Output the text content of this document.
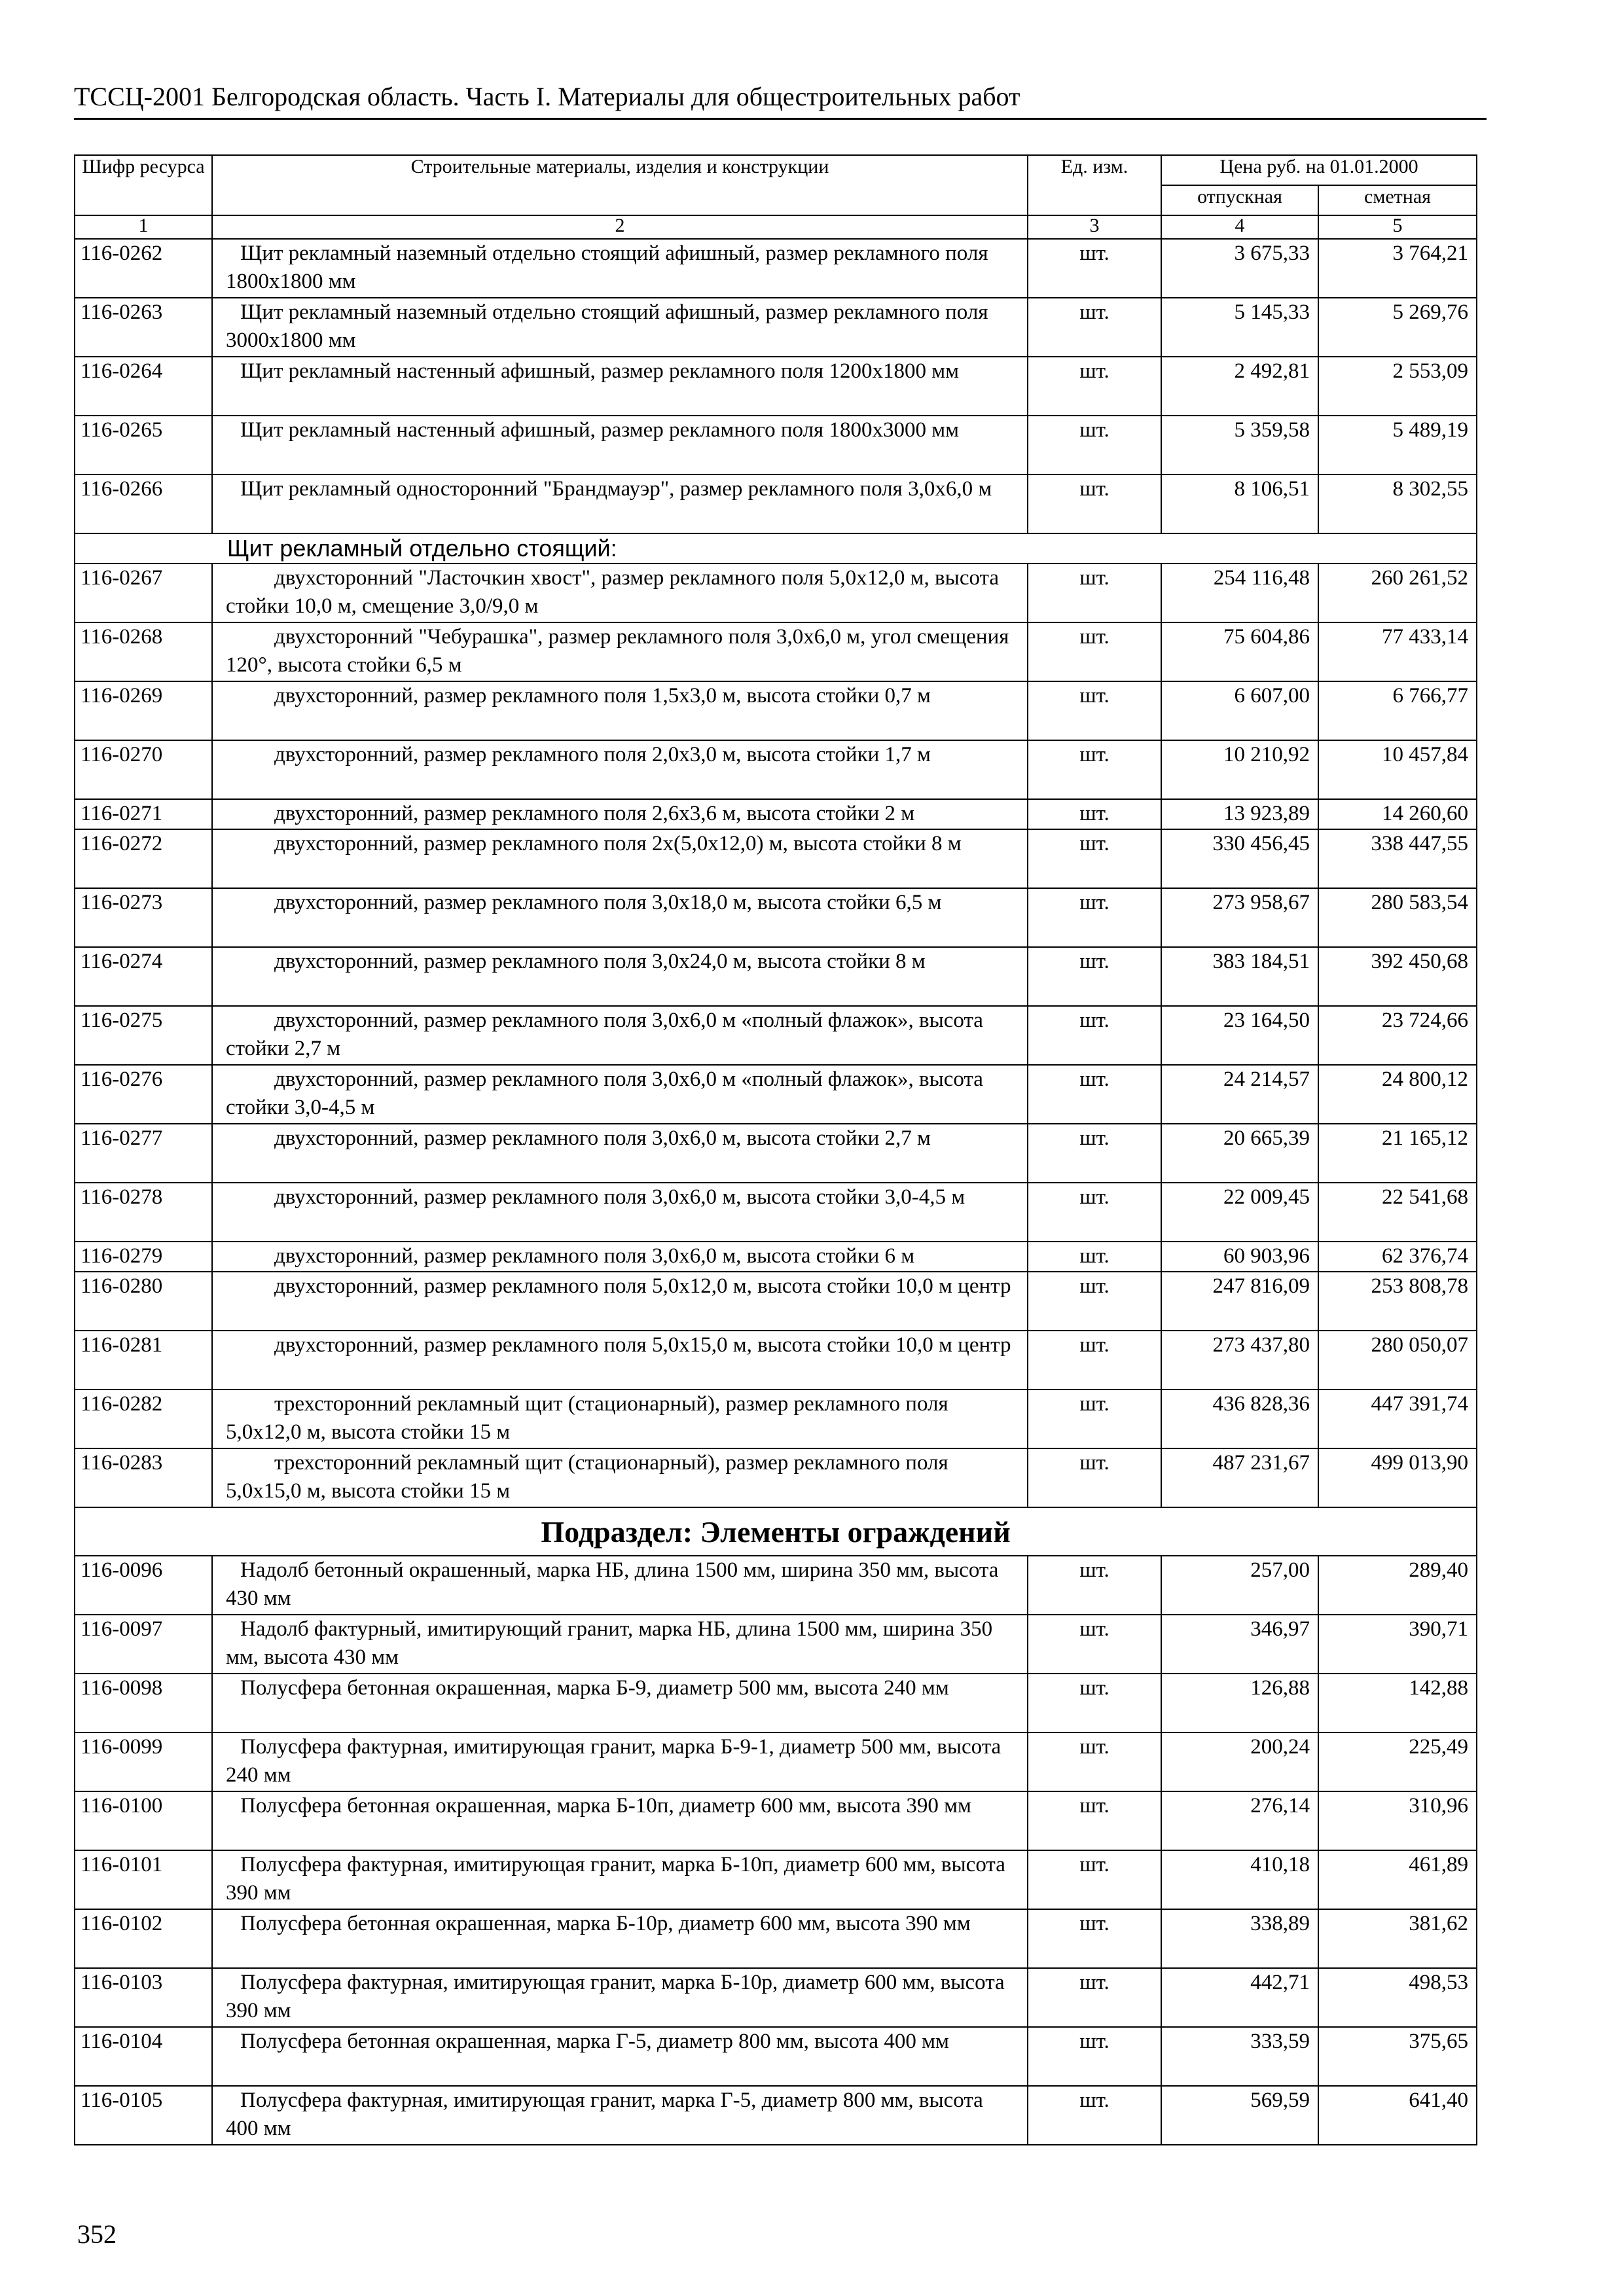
ТССЦ-2001 Белгородская область. Часть I. Материалы для общестроительных работ
Шифр ресурса	Строительные материалы, изделия и конструкции	Ед. изм.	Цена руб. на 01.01.2000	
			отпускная	сметная
1	2	3	4	5
116-0262	Щит рекламный наземный отдельно стоящий афишный, размер рекламного поля 1800х1800 мм	шт.	3 675,33	3 764,21
116-0263	Щит рекламный наземный отдельно стоящий афишный, размер рекламного поля 3000х1800 мм	шт.	5 145,33	5 269,76
116-0264	Щит рекламный настенный афишный, размер рекламного поля 1200х1800 мм	шт.	2 492,81	2 553,09
116-0265	Щит рекламный настенный афишный, размер рекламного поля 1800х3000 мм	шт.	5 359,58	5 489,19
116-0266	Щит рекламный односторонний "Брандмауэр", размер рекламного поля 3,0х6,0 м	шт.	8 106,51	8 302,55
Щит рекламный отдельно стоящий:				
116-0267	двухсторонний "Ласточкин хвост", размер рекламного поля 5,0х12,0 м, высота стойки 10,0 м, смещение 3,0/9,0 м	шт.	254 116,48	260 261,52
116-0268	двухсторонний "Чебурашка", размер рекламного поля 3,0х6,0 м, угол смещения 120°, высота стойки 6,5 м	шт.	75 604,86	77 433,14
116-0269	двухсторонний, размер рекламного поля 1,5х3,0 м, высота стойки 0,7 м	шт.	6 607,00	6 766,77
116-0270	двухсторонний, размер рекламного поля 2,0х3,0 м, высота стойки 1,7 м	шт.	10 210,92	10 457,84
116-0271	двухсторонний, размер рекламного поля 2,6х3,6 м, высота стойки 2 м	шт.	13 923,89	14 260,60
116-0272	двухсторонний, размер рекламного поля 2х(5,0х12,0) м, высота стойки 8 м	шт.	330 456,45	338 447,55
116-0273	двухсторонний, размер рекламного поля 3,0х18,0 м, высота стойки 6,5 м	шт.	273 958,67	280 583,54
116-0274	двухсторонний, размер рекламного поля 3,0х24,0 м, высота стойки 8 м	шт.	383 184,51	392 450,68
116-0275	двухсторонний, размер рекламного поля 3,0х6,0 м «полный флажок», высота стойки 2,7 м	шт.	23 164,50	23 724,66
116-0276	двухсторонний, размер рекламного поля 3,0х6,0 м «полный флажок», высота стойки 3,0-4,5 м	шт.	24 214,57	24 800,12
116-0277	двухсторонний, размер рекламного поля 3,0х6,0 м, высота стойки 2,7 м	шт.	20 665,39	21 165,12
116-0278	двухсторонний, размер рекламного поля 3,0х6,0 м, высота стойки 3,0-4,5 м	шт.	22 009,45	22 541,68
116-0279	двухсторонний, размер рекламного поля 3,0х6,0 м, высота стойки 6 м	шт.	60 903,96	62 376,74
116-0280	двухсторонний, размер рекламного поля 5,0х12,0 м, высота стойки 10,0 м центр	шт.	247 816,09	253 808,78
116-0281	двухсторонний, размер рекламного поля 5,0х15,0 м, высота стойки 10,0 м центр	шт.	273 437,80	280 050,07
116-0282	трехсторонний рекламный щит (стационарный), размер рекламного поля 5,0х12,0 м, высота стойки 15 м	шт.	436 828,36	447 391,74
116-0283	трехсторонний рекламный щит (стационарный), размер рекламного поля 5,0х15,0 м, высота стойки 15 м	шт.	487 231,67	499 013,90
Подраздел: Элементы ограждений				
116-0096	Надолб бетонный окрашенный, марка НБ, длина 1500 мм, ширина 350 мм, высота 430 мм	шт.	257,00	289,40
116-0097	Надолб фактурный, имитирующий гранит, марка НБ, длина 1500 мм, ширина 350 мм, высота 430 мм	шт.	346,97	390,71
116-0098	Полусфера бетонная окрашенная, марка Б-9, диаметр 500 мм, высота 240 мм	шт.	126,88	142,88
116-0099	Полусфера фактурная, имитирующая гранит, марка Б-9-1, диаметр 500 мм, высота 240 мм	шт.	200,24	225,49
116-0100	Полусфера бетонная окрашенная, марка Б-10п, диаметр 600 мм, высота 390 мм	шт.	276,14	310,96
116-0101	Полусфера фактурная, имитирующая гранит, марка Б-10п, диаметр 600 мм, высота 390 мм	шт.	410,18	461,89
116-0102	Полусфера бетонная окрашенная, марка Б-10р, диаметр 600 мм, высота 390 мм	шт.	338,89	381,62
116-0103	Полусфера фактурная, имитирующая гранит, марка Б-10р, диаметр 600 мм, высота 390 мм	шт.	442,71	498,53
116-0104	Полусфера бетонная окрашенная, марка Г-5, диаметр 800 мм, высота 400 мм	шт.	333,59	375,65
116-0105	Полусфера фактурная, имитирующая гранит, марка Г-5, диаметр 800 мм, высота 400 мм	шт.	569,59	641,40
352
